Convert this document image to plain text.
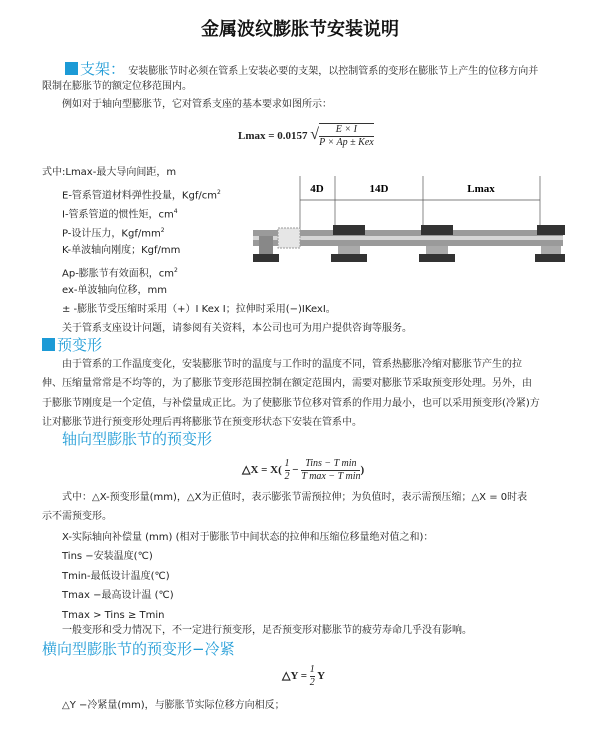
金属波纹膨胀节安装说明
支架： 安装膨胀节时必须在管系上安装必要的支架，以控制管系的变形在膨胀节上产生的位移方向并
限制在膨胀节的额定位移范围内。
例如对于轴向型膨胀节，它对管系支座的基本要求如图所示：
Lmax = 0.0157 √ $\frac{E \times I}{\text{P × Ap ± Kex}}$
式中:Lmax-最大导向间距，m
E-管系管道材料弹性投量，Kgf/$cm^2$
I-管系管道的惯性矩，$cm^4$
P-设计压力，Kgf/$mm^2$
K-单波轴向刚度；Kgf/mm
Ap-膨胀节有效面积，$cm^2$
ex-单波轴向位移，mm
± -膨胀节受压缩时采用（+）I Kex I；拉伸时采用(−)IKexI。
关于管系支座设计问题，请参阅有关资料，本公司也可为用户提供咨询等服务。
4D	14D	Lmax
预变形
由于管系的工作温度变化，安装膨胀节时的温度与工作时的温度不同，管系热膨胀冷缩对膨胀节产生的拉
伸、压缩量常常是不均等的，为了膨胀节变形范围控制在额定范围内，需要对膨胀节采取预变形处理。另外，由
于膨胀节刚度是一个定值，与补偿量成正比。为了使膨胀节位移对管系的作用力最小，也可以采用预变形(冷紧)方
让对膨胀节进行预变形处理后再将膨胀节在预变形状态下安装在管系中。
轴向型膨胀节的预变形
△X = $X( \frac{1}{2} - \frac{\text{Tins − T min}}{\text{T max − T min}}$ )
式中：△X-预变形量(mm)，△X为正值时，表示膨张节需预拉伸；为负值时，表示需预压缩；△X = 0时表
示不需预变形。
X-实际轴向补偿量 (mm) (相对于膨胀节中间状态的拉伸和压缩位移量绝对值之和)：
Tins −安装温度(℃)
Tmin-最低设计温度(℃)
Tmax −最高设计温 (℃)
Tmax > Tins ≥ Tmin
一般变形和受力情况下，不一定进行预变形，足否预变形对膨胀节的疲劳寿命几乎没有影响。
横向型膨胀节的预变形−冷紧
△Y = $\frac{1}{2}$ Y
△Y −冷紧量(mm)，与膨胀节实际位移方向相反；
